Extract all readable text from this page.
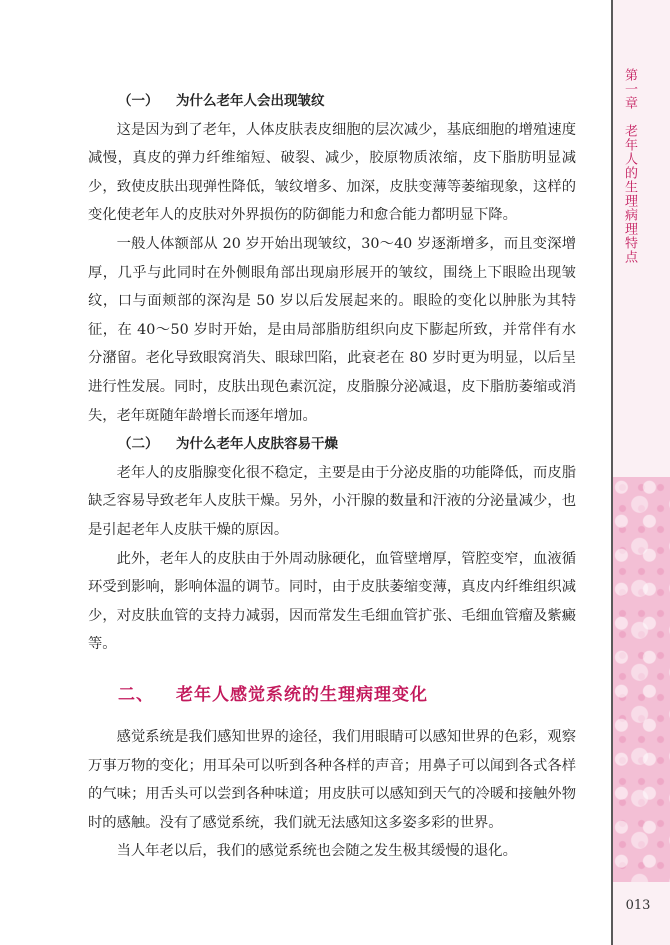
第一章老年人的生理病理特点
013
（一） 为什么老年人会出现皱纹

这是因为到了老年，人体皮肤表皮细胞的层次减少，基底细胞的增殖速度减慢，真皮的弹力纤维缩短、破裂、减少，胶原物质浓缩，皮下脂肪明显减少，致使皮肤出现弹性降低，皱纹增多、加深，皮肤变薄等萎缩现象，这样的变化使老年人的皮肤对外界损伤的防御能力和愈合能力都明显下降。

一般人体额部从 20 岁开始出现皱纹，30～40 岁逐渐增多，而且变深增厚，几乎与此同时在外侧眼角部出现扇形展开的皱纹，围绕上下眼睑出现皱纹，口与面颊部的深沟是 50 岁以后发展起来的。眼睑的变化以肿胀为其特征，在 40～50 岁时开始，是由局部脂肪组织向皮下膨起所致，并常伴有水分潴留。老化导致眼窝消失、眼球凹陷，此衰老在 80 岁时更为明显，以后呈进行性发展。同时，皮肤出现色素沉淀，皮脂腺分泌减退，皮下脂肪萎缩或消失，老年斑随年龄增长而逐年增加。

（二） 为什么老年人皮肤容易干燥

老年人的皮脂腺变化很不稳定，主要是由于分泌皮脂的功能降低，而皮脂缺乏容易导致老年人皮肤干燥。另外，小汗腺的数量和汗液的分泌量减少，也是引起老年人皮肤干燥的原因。

此外，老年人的皮肤由于外周动脉硬化，血管壁增厚，管腔变窄，血液循环受到影响，影响体温的调节。同时，由于皮肤萎缩变薄，真皮内纤维组织减少，对皮肤血管的支持力减弱，因而常发生毛细血管扩张、毛细血管瘤及紫癜等。

二、 老年人感觉系统的生理病理变化

感觉系统是我们感知世界的途径，我们用眼睛可以感知世界的色彩，观察万事万物的变化；用耳朵可以听到各种各样的声音；用鼻子可以闻到各式各样的气味；用舌头可以尝到各种味道；用皮肤可以感知到天气的冷暖和接触外物时的感触。没有了感觉系统，我们就无法感知这多姿多彩的世界。

当人年老以后，我们的感觉系统也会随之发生极其缓慢的退化。
